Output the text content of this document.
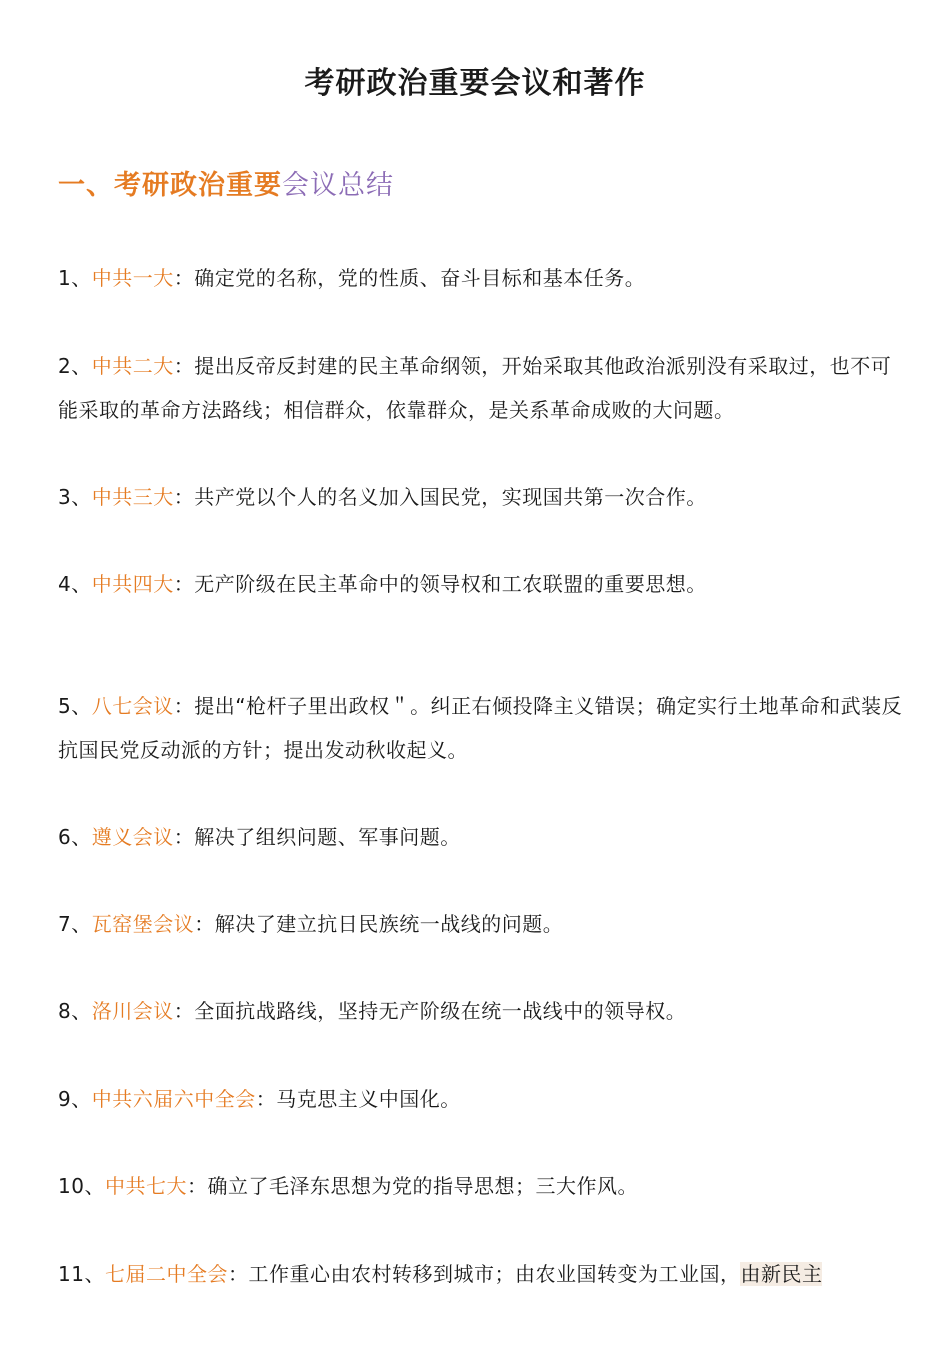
考研政治重要会议和著作
一、考研政治重要会议总结
1、中共一大：确定党的名称，党的性质、奋斗目标和基本任务。
2、中共二大：提出反帝反封建的民主革命纲领，开始采取其他政治派别没有采取过，也不可能采取的革命方法路线；相信群众，依靠群众，是关系革命成败的大问题。
3、中共三大：共产党以个人的名义加入国民党，实现国共第一次合作。
4、中共四大：无产阶级在民主革命中的领导权和工农联盟的重要思想。
5、八七会议：提出“枪杆子里出政权＂。纠正右倾投降主义错误；确定实行土地革命和武装反抗国民党反动派的方针；提出发动秋收起义。
6、遵义会议：解决了组织问题、军事问题。
7、瓦窑堡会议：解决了建立抗日民族统一战线的问题。
8、洛川会议：全面抗战路线，坚持无产阶级在统一战线中的领导权。
9、中共六届六中全会：马克思主义中国化。
10、中共七大：确立了毛泽东思想为党的指导思想；三大作风。
11、七届二中全会：工作重心由农村转移到城市；由农业国转变为工业国，由新民主
